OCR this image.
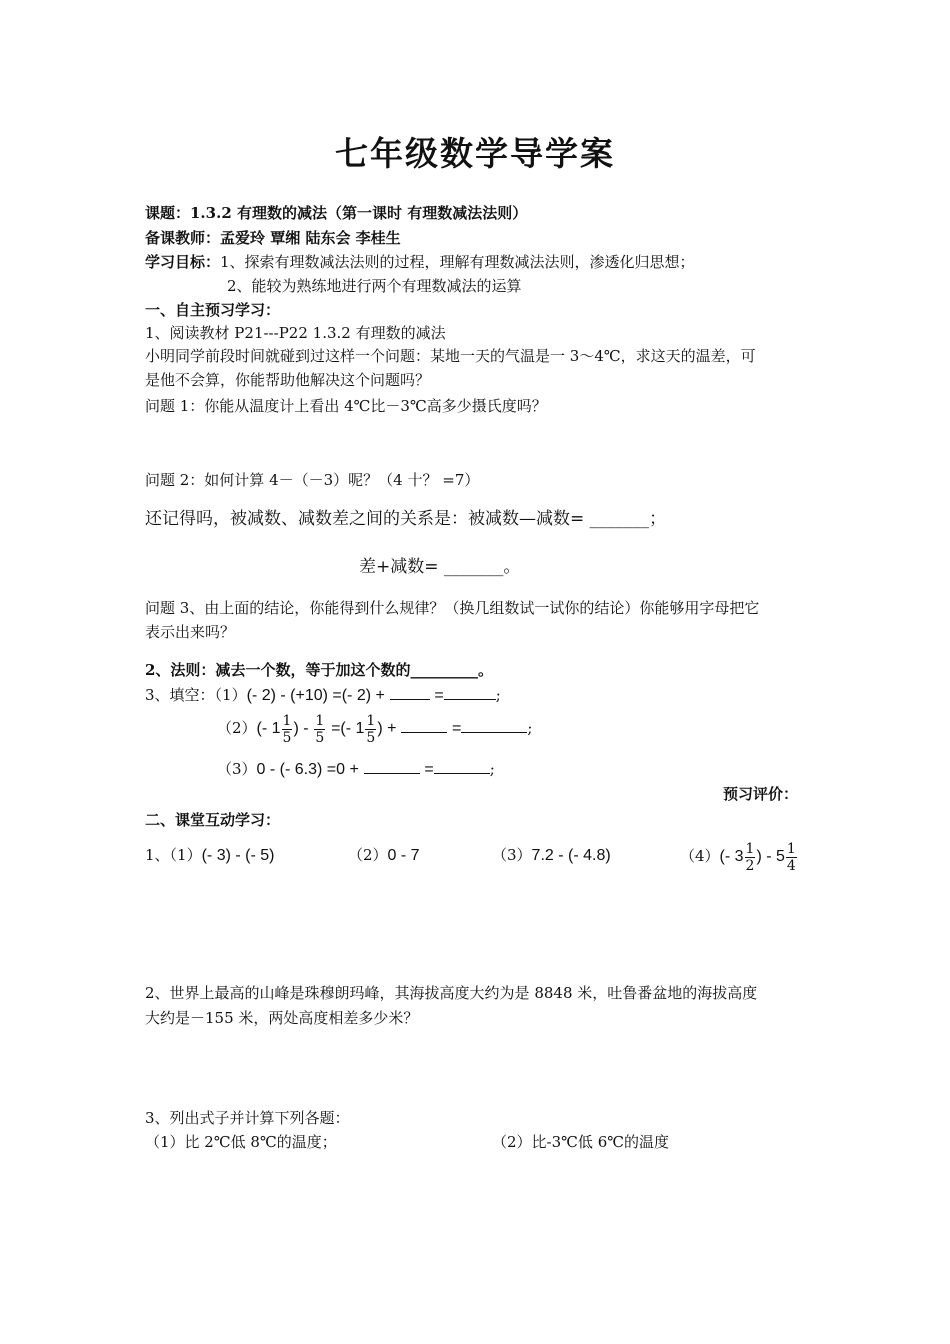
七年级数学导学案
课题：1.3.2 有理数的减法（第一课时 有理数减法法则）
备课教师：孟爱玲 覃缃 陆东会 李桂生
学习目标：1、探索有理数减法法则的过程，理解有理数减法法则，渗透化归思想；
2、能较为熟练地进行两个有理数减法的运算
一、自主预习学习：
1、阅读教材 P21---P22 1.3.2 有理数的减法
小明同学前段时间就碰到过这样一个问题：某地一天的气温是一 3～4℃，求这天的温差，可
是他不会算，你能帮助他解决这个问题吗？
问题 1：你能从温度计上看出 4℃比－3℃高多少摄氏度吗？
问题 2：如何计算 4－（－3）呢？（4 十？ =7）
还记得吗，被减数、减数差之间的关系是：被减数—减数= _______；
差+减数= _______。
问题 3、由上面的结论，你能得到什么规律？（换几组数试一试你的结论）你能够用字母把它
表示出来吗？
2、法则：减去一个数，等于加这个数的_________。
3、填空：（1）(- 2) - (+10) =(- 2) +	=	;
（2）(- $1 \frac{1}{5}$ ) - $\frac{1}{5}$ =(- $1 \frac{1}{5}$ ) +	=	;
（3）0 - (- 6.3) =0 +	=	;
预习评价：
二、课堂互动学习：
1、（1）(- 3) - (- 5)	（2）0 - 7	（3）7.2 - (- 4.8)	（4）(- $3 \frac{1}{2}$ ) - $5 \frac{1}{4}$
2、世界上最高的山峰是珠穆朗玛峰，其海拔高度大约为是 8848 米，吐鲁番盆地的海拔高度
大约是－155 米，两处高度相差多少米？
3、列出式子并计算下列各题：
（1）比 2℃低 8℃的温度；	（2）比-3℃低 6℃的温度
